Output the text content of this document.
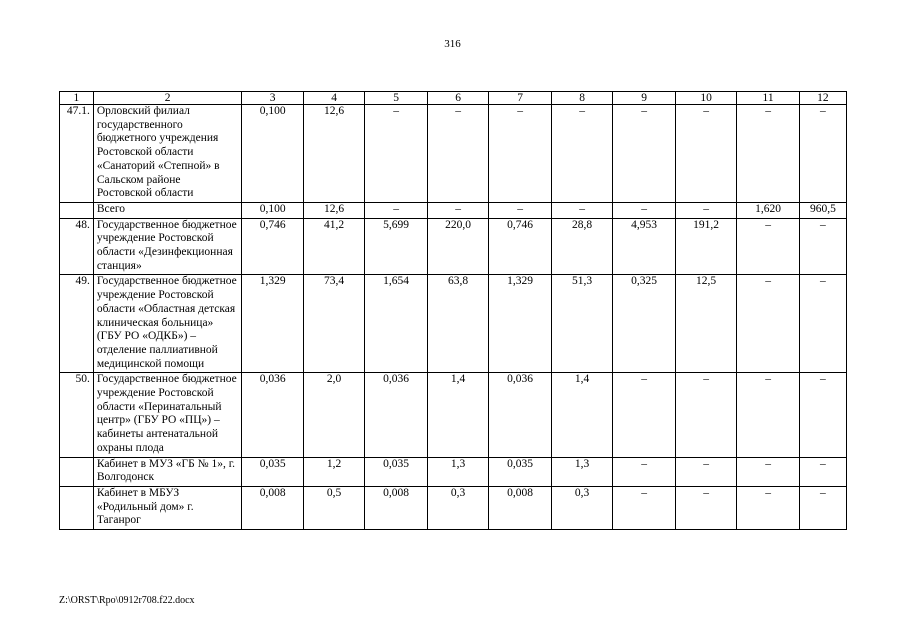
316
1	2	3	4	5	6	7	8	9	10	11	12
47.1.	Орловский филиал государственного бюджетного учреждения Ростовской области «Санаторий «Степной» в Сальском районе Ростовской области	0,100	12,6	–	–	–	–	–	–	–	–
	Всего	0,100	12,6	–	–	–	–	–	–	1,620	960,5
48.	Государственное бюджетное учреждение Ростовской области «Дезинфекционная станция»	0,746	41,2	5,699	220,0	0,746	28,8	4,953	191,2	–	–
49.	Государственное бюджетное учреждение Ростовской области «Областная детская клиническая больница» (ГБУ РО «ОДКБ») – отделение паллиативной медицинской помощи	1,329	73,4	1,654	63,8	1,329	51,3	0,325	12,5	–	–
50.	Государственное бюджетное учреждение Ростовской области «Перинатальный центр» (ГБУ РО «ПЦ») – кабинеты антенатальной охраны плода	0,036	2,0	0,036	1,4	0,036	1,4	–	–	–	–
	Кабинет в МУЗ «ГБ № 1», г. Волгодонск	0,035	1,2	0,035	1,3	0,035	1,3	–	–	–	–
	Кабинет в МБУЗ «Родильный дом» г. Таганрог	0,008	0,5	0,008	0,3	0,008	0,3	–	–	–	–
Z:\ORST\Rpo\0912r708.f22.docx
